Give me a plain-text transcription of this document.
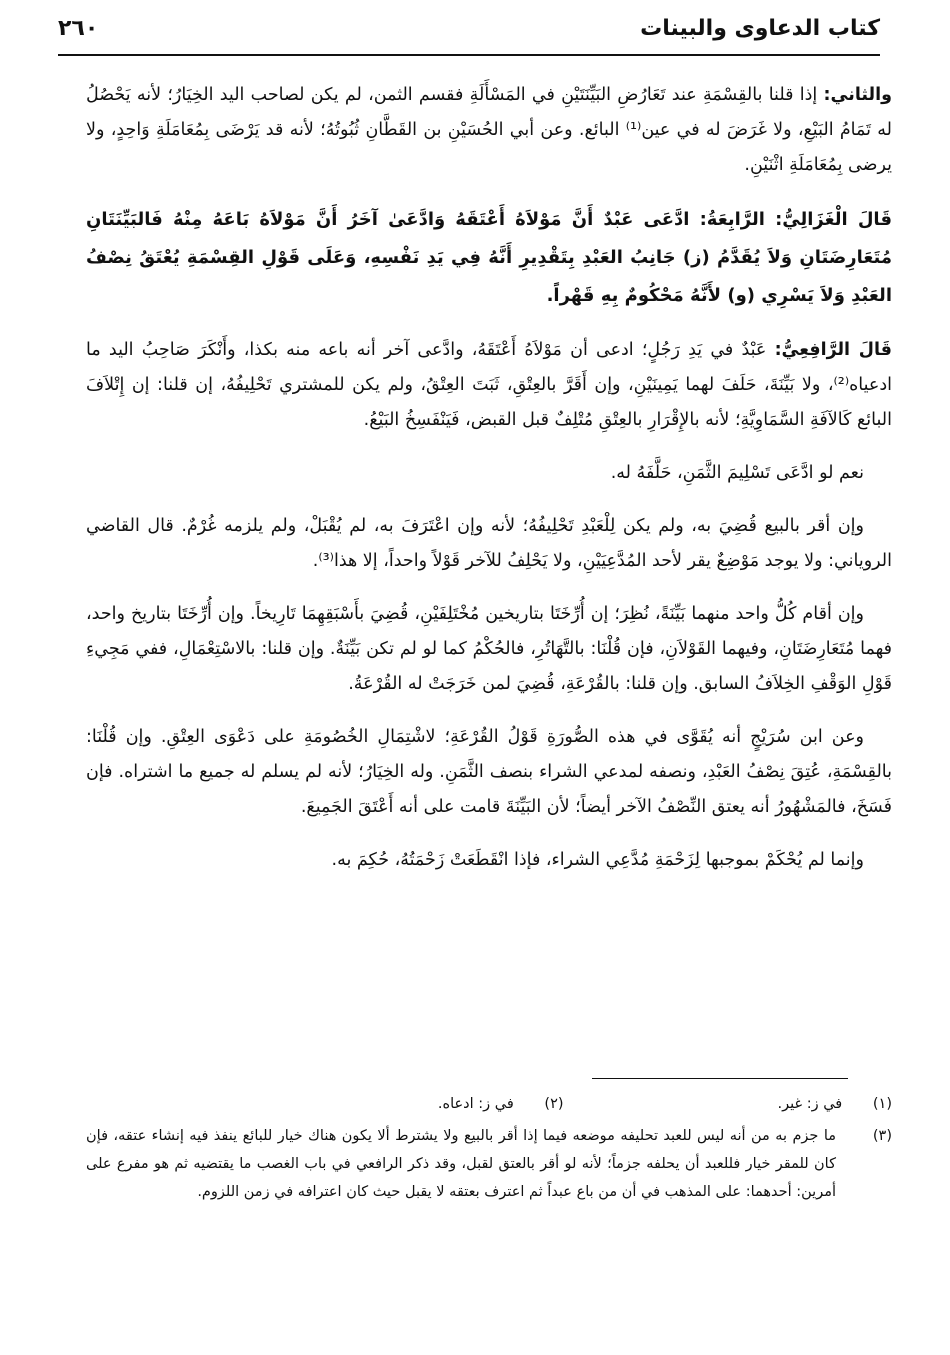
كتاب الدعاوى والبينات
٢٦٠

والثاني: إذا قلنا بالقِسْمَةِ عند تَعَارُضِ البَيِّنَتَيْنِ في المَسْأَلَةِ فقسم الثمن، لم يكن لصاحب اليد الخِيَارُ؛ لأنه يَحْصُلُ له تَمَامُ البَيْعِ، ولا غَرَضَ له في عين⁽¹⁾ البائع. وعن أبي الحُسَيْنِ بن القَطَّانِ ثُبُوتُهُ؛ لأنه قد يَرْضَى بِمُعَامَلَةِ وَاحِدٍ، ولا يرضى بِمُعَامَلَةِ اثْنَيْنِ.

قَالَ الْغَزَالِيُّ: الرَّابِعَةُ: ادَّعَى عَبْدٌ أَنَّ مَوْلاَهُ أَعْتَقَهُ وَادَّعَىٰ آخَرُ أَنَّ مَوْلاَهُ بَاعَهُ مِنْهُ فَالبَيِّنَتَانِ مُتَعَارِضَتَانِ وَلاَ يُقَدَّمُ (ز) جَانِبُ العَبْدِ بِتَقْدِيرِ أَنَّهُ فِي يَدِ نَفْسِهِ، وَعَلَى قَوْلِ القِسْمَةِ يُعْتَقُ نِصْفُ العَبْدِ وَلاَ يَسْرِي (و) لأَنَّهُ مَحْكُومٌ بِهِ قَهْراً.

قَالَ الرَّافِعِيُّ: عَبْدٌ في يَدِ رَجُلٍ؛ ادعى أن مَوْلاَهُ أَعْتَقَهُ، وادَّعى آخر أنه باعه منه بكذا، وأَنْكَرَ صَاحِبُ اليد ما ادعياه⁽²⁾، ولا بَيِّنَةَ، حَلَفَ لهما يَمِينَيْنِ، وإن أَقَرَّ بالعِتْقِ، ثَبَتَ العِتْقُ، ولم يكن للمشتري تَحْلِيفُهُ، إن قلنا: إن إِتْلاَفَ البائع كَالآفَةِ السَّمَاوِيَّةِ؛ لأنه بالإِقْرَارِ بالعِتْقِ مُتْلِفٌ قبل القبض، فَيَنْفَسِخُ البَيْعُ.

نعم لو ادَّعَى تَسْلِيمَ الثَّمَنِ، حَلَّفَهُ له.

وإن أقر بالبيع قُضِيَ به، ولم يكن لِلْعَبْدِ تَحْلِيفُهُ؛ لأنه وإن اعْتَرَفَ به، لم يُقْبَلْ، ولم يلزمه غُرْمٌ. قال القاضي الروياني: ولا يوجد مَوْضِعٌ يقر لأحد المُدَّعِيَيْنِ، ولا يَحْلِفُ للآخر قَوْلاً واحداً، إلا هذا⁽³⁾.

وإن أقام كُلُّ واحد منهما بَيِّنَةً، نُظِرَ؛ إن أُرِّخَتَا بتاريخين مُخْتَلِفَيْنِ، قُضِيَ بأَسْبَقِهِمَا تَارِيخاً. وإن أُرِّخَتَا بتاريخ واحد، فهما مُتَعَارِضَتَانِ، وفيهما القَوْلاَنِ، فإن قُلْنَا: بالتَّهَاتُرِ، فالحُكْمُ كما لو لم تكن بَيِّنَةٌ. وإن قلنا: بالاسْتِعْمَالِ، ففي مَجِيءِ قَوْلِ الوَقْفِ الخِلاَفُ السابق. وإن قلنا: بالقُرْعَةِ، قُضِيَ لمن خَرَجَتْ له القُرْعَةُ.

وعن ابن سُرَيْجٍ أنه يُقَوَّى في هذه الصُّورَةِ قَوْلُ القُرْعَةِ؛ لاشْتِمَالِ الخُصُومَةِ على دَعْوَى العِتْقِ. وإن قُلْنَا: بالقِسْمَةِ، عُتِقَ نِصْفُ العَبْدِ، ونصفه لمدعي الشراء بنصف الثَّمَنِ. وله الخِيَارُ؛ لأنه لم يسلم له جميع ما اشتراه. فإن فَسَخَ، فالمَشْهُورُ أنه يعتق النِّصْفُ الآخر أيضاً؛ لأن البَيِّنَةَ قامت على أنه أَعْتَقَ الجَمِيعَ.

وإنما لم يُحْكَمْ بموجبها لِزَحْمَةِ مُدَّعِي الشراء، فإذا انْقَطَعَتْ زَحْمَتُهُ، حُكِمَ به.

(١) في ز: غير.
(٢) في ز: ادعاه.
(٣)
ما جزم به من أنه ليس للعبد تحليفه موضعه فيما إذا أقر بالبيع ولا يشترط ألا يكون هناك خيار للبائع ينفذ فيه إنشاء عتقه، فإن كان للمقر خيار فللعبد أن يحلفه جزماً؛ لأنه لو أقر بالعتق لقبل، وقد ذكر الرافعي في باب الغصب ما يقتضيه ثم هو مفرع على أمرين: أحدهما: على المذهب في أن من باع عبداً ثم اعترف بعتقه لا يقبل حيث كان اعترافه في زمن اللزوم.
